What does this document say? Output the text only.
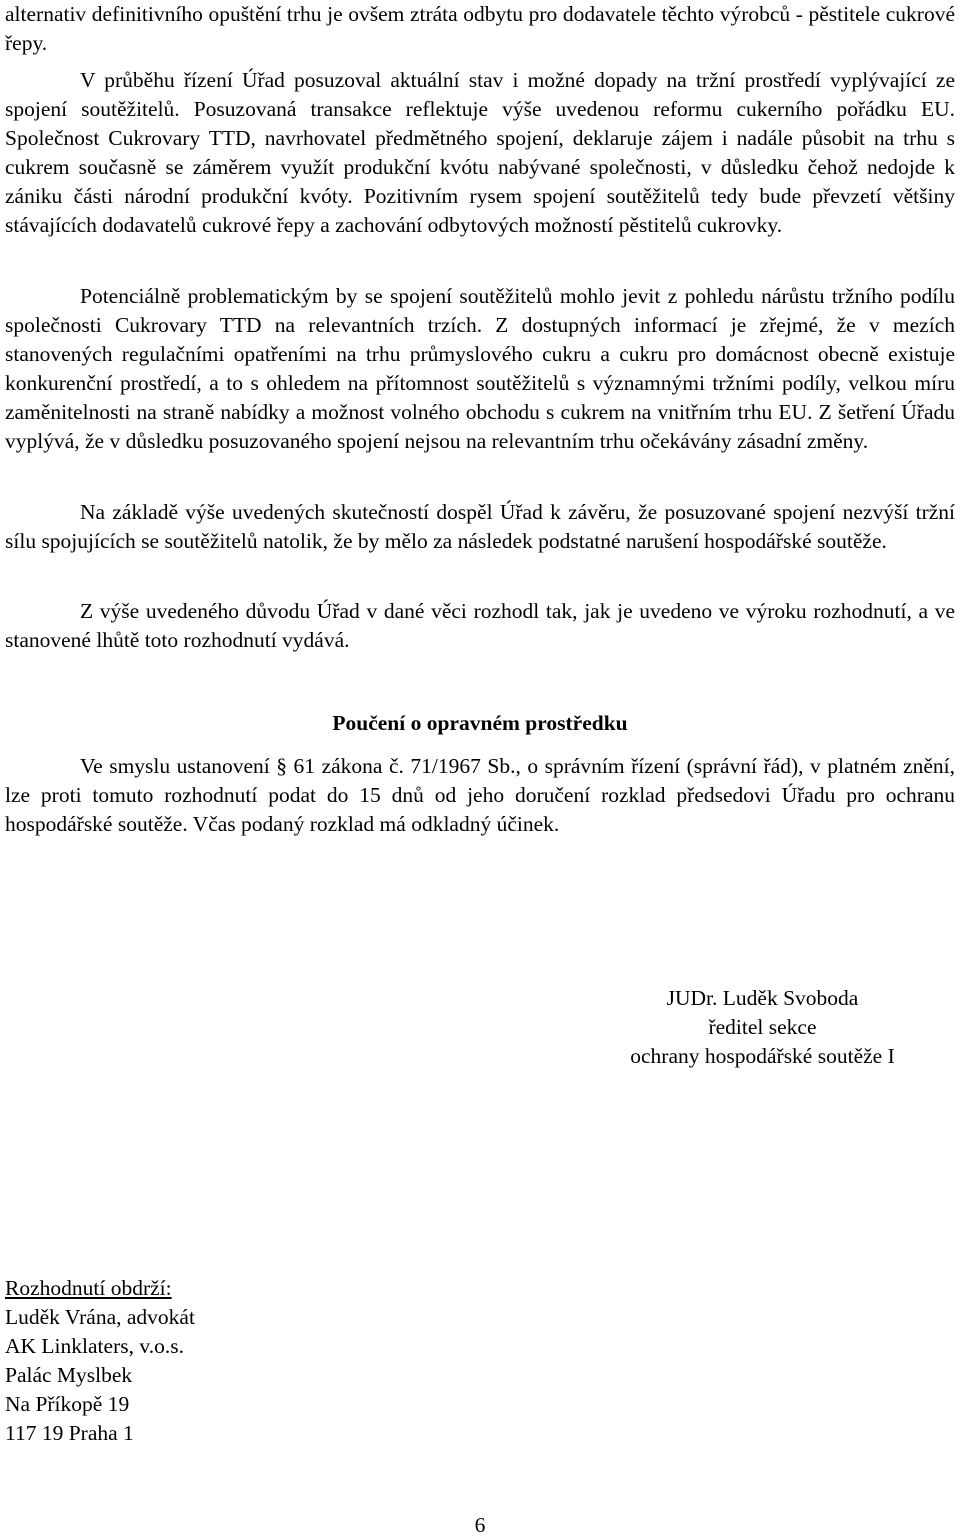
alternativ definitivního opuštění trhu je ovšem ztráta odbytu pro dodavatele těchto výrobců - pěstitele cukrové řepy.

V průběhu řízení Úřad posuzoval aktuální stav i možné dopady na tržní prostředí vyplývající ze spojení soutěžitelů. Posuzovaná transakce reflektuje výše uvedenou reformu cukerního pořádku EU. Společnost Cukrovary TTD, navrhovatel předmětného spojení, deklaruje zájem i nadále působit na trhu s cukrem současně se záměrem využít produkční kvótu nabývané společnosti, v důsledku čehož nedojde k zániku části národní produkční kvóty. Pozitivním rysem spojení soutěžitelů tedy bude převzetí většiny stávajících dodavatelů cukrové řepy a zachování odbytových možností pěstitelů cukrovky.

Potenciálně problematickým by se spojení soutěžitelů mohlo jevit z pohledu nárůstu tržního podílu společnosti Cukrovary TTD na relevantních trzích. Z dostupných informací je zřejmé, že v mezích stanovených regulačními opatřeními na trhu průmyslového cukru a cukru pro domácnost obecně existuje konkurenční prostředí, a to s ohledem na přítomnost soutěžitelů s významnými tržními podíly, velkou míru zaměnitelnosti na straně nabídky a možnost volného obchodu s cukrem na vnitřním trhu EU. Z šetření Úřadu vyplývá, že v důsledku posuzovaného spojení nejsou na relevantním trhu očekávány zásadní změny.

Na základě výše uvedených skutečností dospěl Úřad k závěru, že posuzované spojení nezvýší tržní sílu spojujících se soutěžitelů natolik, že by mělo za následek podstatné narušení hospodářské soutěže.

Z výše uvedeného důvodu Úřad v dané věci rozhodl tak, jak je uvedeno ve výroku rozhodnutí, a ve stanovené lhůtě toto rozhodnutí vydává.

Poučení o opravném prostředku

Ve smyslu ustanovení § 61 zákona č. 71/1967 Sb., o správním řízení (správní řád), v platném znění, lze proti tomuto rozhodnutí podat do 15 dnů od jeho doručení rozklad předsedovi Úřadu pro ochranu hospodářské soutěže. Včas podaný rozklad má odkladný účinek.

JUDr. Luděk Svoboda
ředitel sekce
ochrany hospodářské soutěže I
Rozhodnutí obdrží:
Luděk Vrána, advokát
AK Linklaters, v.o.s.
Palác Myslbek
Na Příkopě 19
117 19 Praha 1
6
